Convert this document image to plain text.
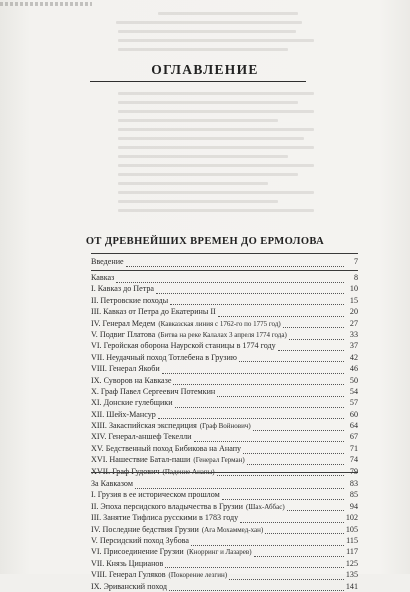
ОГЛАВЛЕНИЕ
ОТ ДРЕВНЕЙШИХ ВРЕМЕН ДО ЕРМОЛОВА
Введение	7
Кавказ	8
I. Кавказ до Петра	10
II. Петровские походы	15
III. Кавказ от Петра до Екатерины II	20
IV. Генерал Медем (Кавказская линия с 1762-го по 1775 год)	27
V. Подвиг Платова (Битва на реке Калалах 3 апреля 1774 года)	33
VI. Геройская оборона Наурской станицы в 1774 году	37
VII. Неудачный поход Тотлебена в Грузию	42
VIII. Генерал Якоби	46
IX. Суворов на Кавказе	50
X. Граф Павел Сергеевич Потемкин	54
XI. Донские гулебщики	57
XII. Шейх-Мансур	60
XIII. Закаспийская экспедиция (Граф Войнович)	64
XIV. Генерал-аншеф Текелли	67
XV. Бедственный поход Бибикова на Анапу	71
XVI. Нашествие Батал-паши (Генерал Герман)	74
XVII. Граф Гудович (Падение Анапы)	79
За Кавказом	83
I. Грузия в ее историческом прошлом	85
II. Эпоха персидского владычества в Грузии (Шах-Аббас)	94
III. Занятие Тифлиса русскими в 1783 году	102
IV. Последние бедствия Грузии (Ага Мохаммед-хан)	105
V. Персидский поход Зубова	115
VI. Присоединение Грузии (Кнорринг и Лазарев)	117
VII. Князь Цицианов	125
VIII. Генерал Гуляков (Покорение лезгин)	135
IX. Эриванский поход	141
